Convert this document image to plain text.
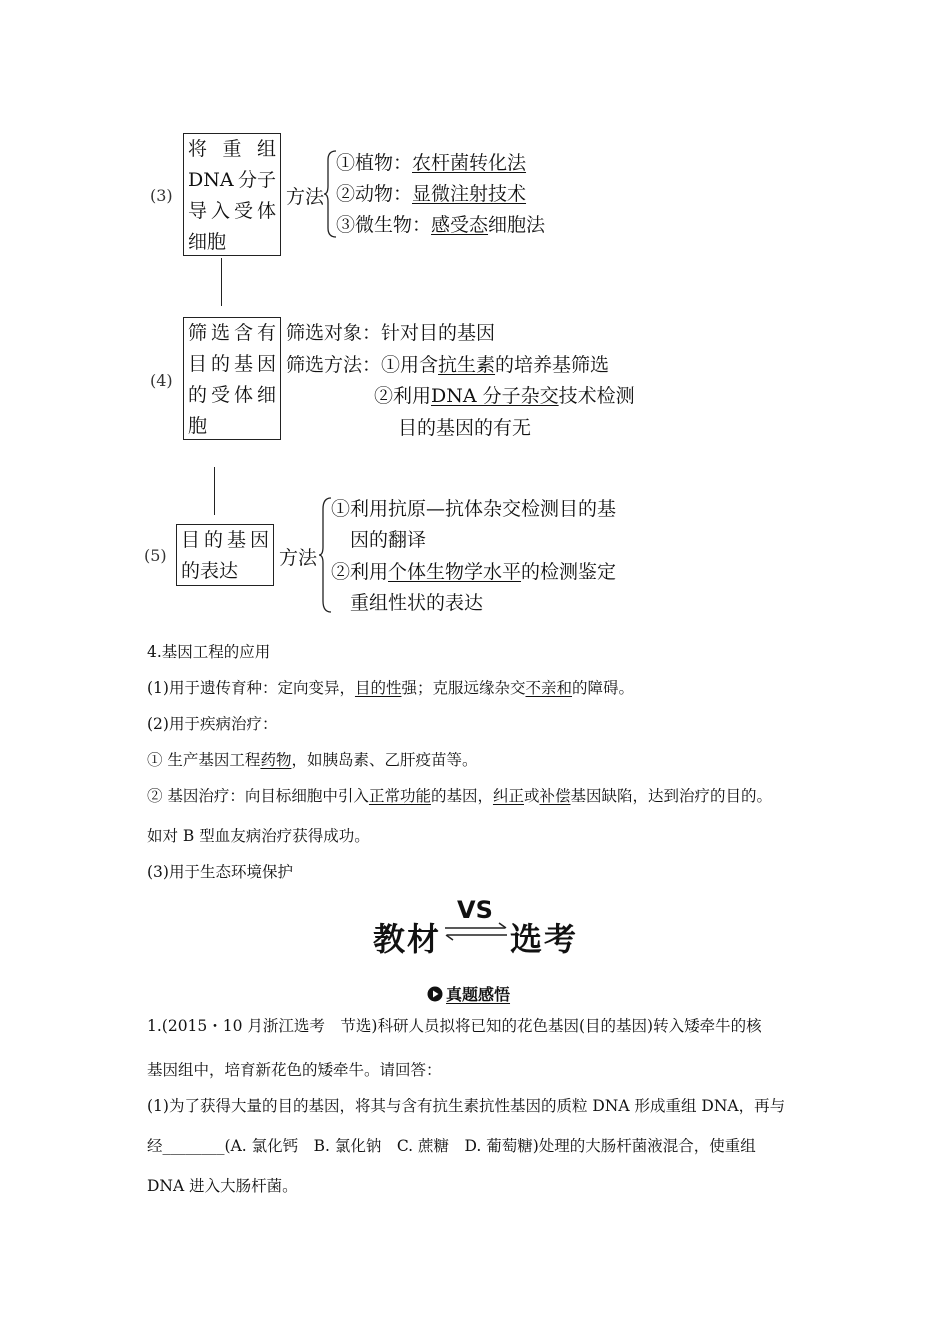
(3)
将 重 组
DNA 分子
导 入 受 体
细胞
方法
①植物：农杆菌转化法
②动物：显微注射技术
③微生物：感受态细胞法
(4)
筛 选 含 有
目 的 基 因
的 受 体 细
胞
筛选对象：针对目的基因
筛选方法：①用含抗生素的培养基筛选
②利用DNA 分子杂交技术检测
目的基因的有无
(5)
目 的 基 因
的表达
方法
①利用抗原—抗体杂交检测目的基
因的翻译
②利用个体生物学水平的检测鉴定
重组性状的表达
4.基因工程的应用
(1)用于遗传育种：定向变异，目的性强；克服远缘杂交不亲和的障碍。
(2)用于疾病治疗：
① 生产基因工程药物，如胰岛素、乙肝疫苗等。
② 基因治疗：向目标细胞中引入正常功能的基因，纠正或补偿基因缺陷，达到治疗的目的。
如对 B 型血友病治疗获得成功。
(3)用于生态环境保护
教材
VS
选考
真题感悟
1.(2015・10 月浙江选考　节选)科研人员拟将已知的花色基因(目的基因)转入矮牵牛的核
基因组中，培育新花色的矮牵牛。请回答：
(1)为了获得大量的目的基因，将其与含有抗生素抗性基因的质粒 DNA 形成重组 DNA，再与
经________(A. 氯化钙　B. 氯化钠　C. 蔗糖　D. 葡萄糖)处理的大肠杆菌液混合，使重组
DNA 进入大肠杆菌。
